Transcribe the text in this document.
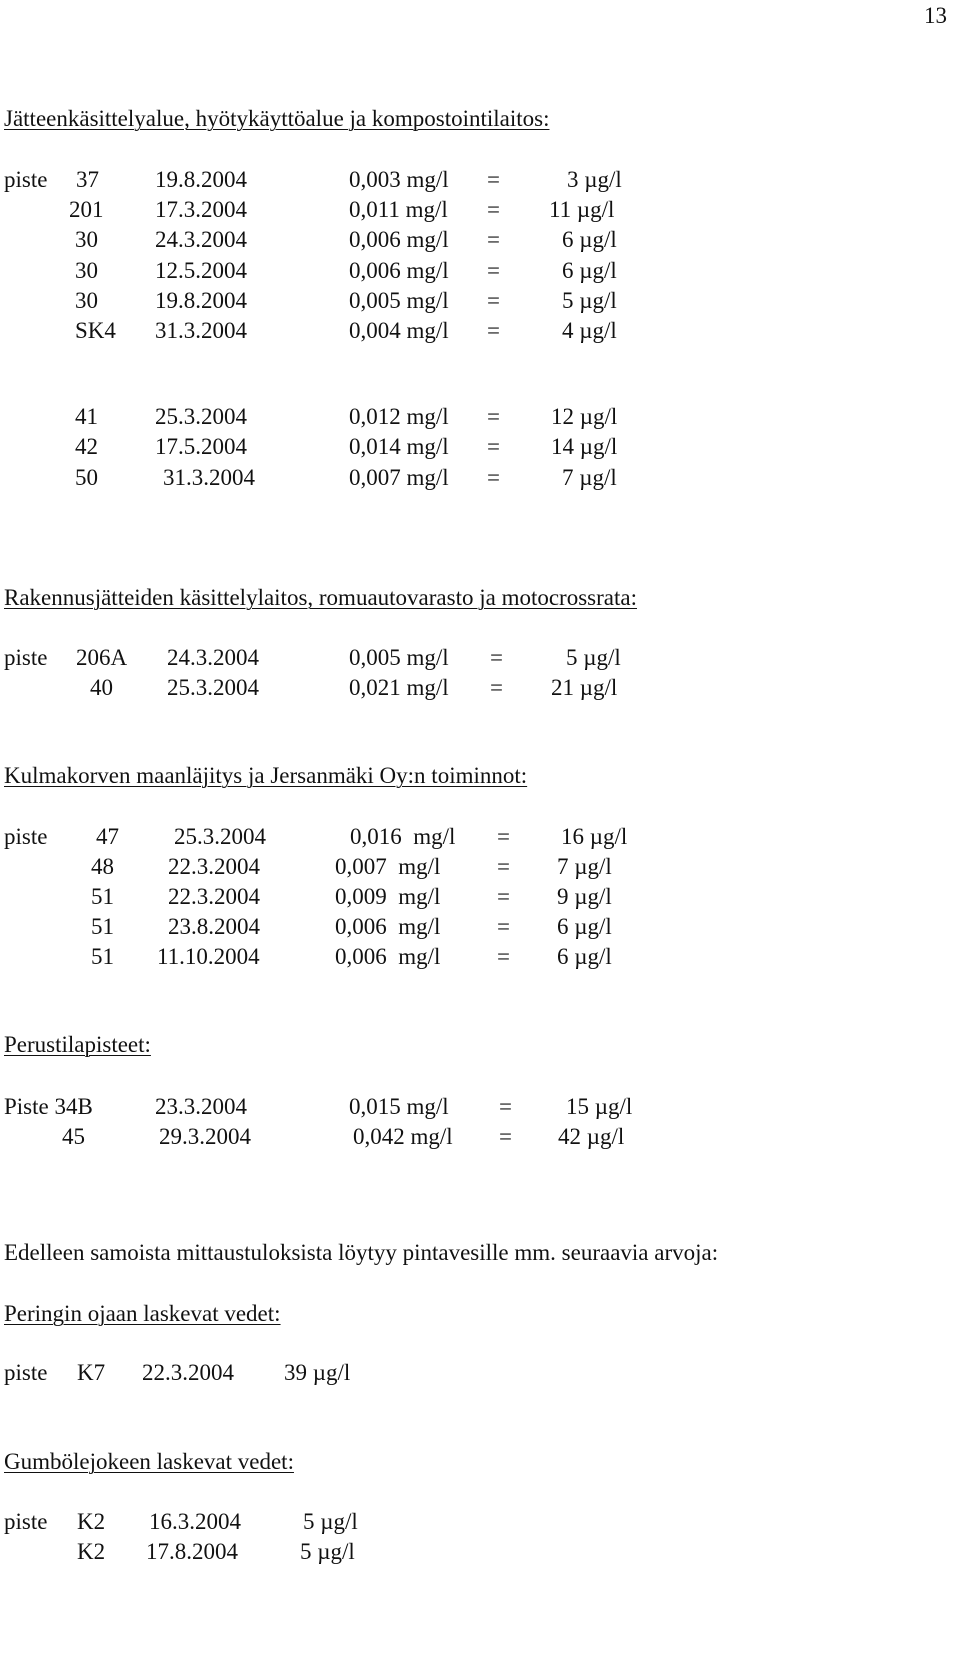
13
Jätteenkäsittelyalue, hyötykäyttöalue ja kompostointilaitos:
piste 37 19.8.2004	0,003 mg/l =	3 µg/l
201 17.3.2004	0,011 mg/l = 11 µg/l
30 24.3.2004	0,006 mg/l =	6 µg/l
30 12.5.2004	0,006 mg/l =	6 µg/l
30 19.8.2004	0,005 mg/l =	5 µg/l
SK4 31.3.2004	0,004 mg/l =	4 µg/l
41 25.3.2004	0,012 mg/l = 12 µg/l
42 17.5.2004	0,014 mg/l = 14 µg/l
50	31.3.2004	0,007 mg/l =	7 µg/l
Rakennusjätteiden käsittelylaitos, romuautovarasto ja motocrossrata:
piste 206A 24.3.2004	0,005 mg/l =	5 µg/l
40 25.3.2004	0,021 mg/l = 21 µg/l
Kulmakorven maanläjitys ja Jersanmäki Oy:n toiminnot:
piste 47 25.3.2004	0,016  mg/l = 16 µg/l
48 22.3.2004	0,007  mg/l = 7 µg/l
51 22.3.2004	0,009  mg/l = 9 µg/l
51 23.8.2004	0,006  mg/l = 6 µg/l
51 11.10.2004	0,006  mg/l = 6 µg/l
Perustilapisteet:
Piste 34B	23.3.2004	0,015 mg/l = 15 µg/l
45	29.3.2004	0,042 mg/l = 42 µg/l
Edelleen samoista mittaustuloksista löytyy pintavesille mm. seuraavia arvoja:
Peringin ojaan laskevat vedet:
piste K7 22.3.2004 39 µg/l
Gumbölejokeen laskevat vedet:
piste K2 16.3.2004	5 µg/l
K2 17.8.2004	5 µg/l
